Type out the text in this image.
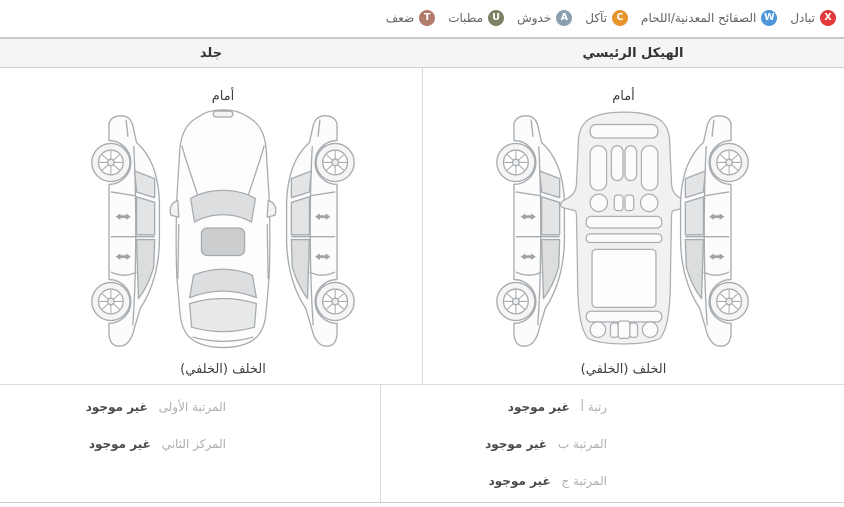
X
تبادل
W
الصفائح المعدنية/اللحام
C
تآكل
A
خدوش
U
مطبات
T
ضعف
الهيكل الرئيسي
جلد
أمام
الخلف (الخلفي)
أمام
الخلف (الخلفي)
رتبة أ غير موجود
المرتبة ب غير موجود
المرتبة ج غير موجود
المرتبة الأولى غير موجود
المركز الثاني غير موجود
